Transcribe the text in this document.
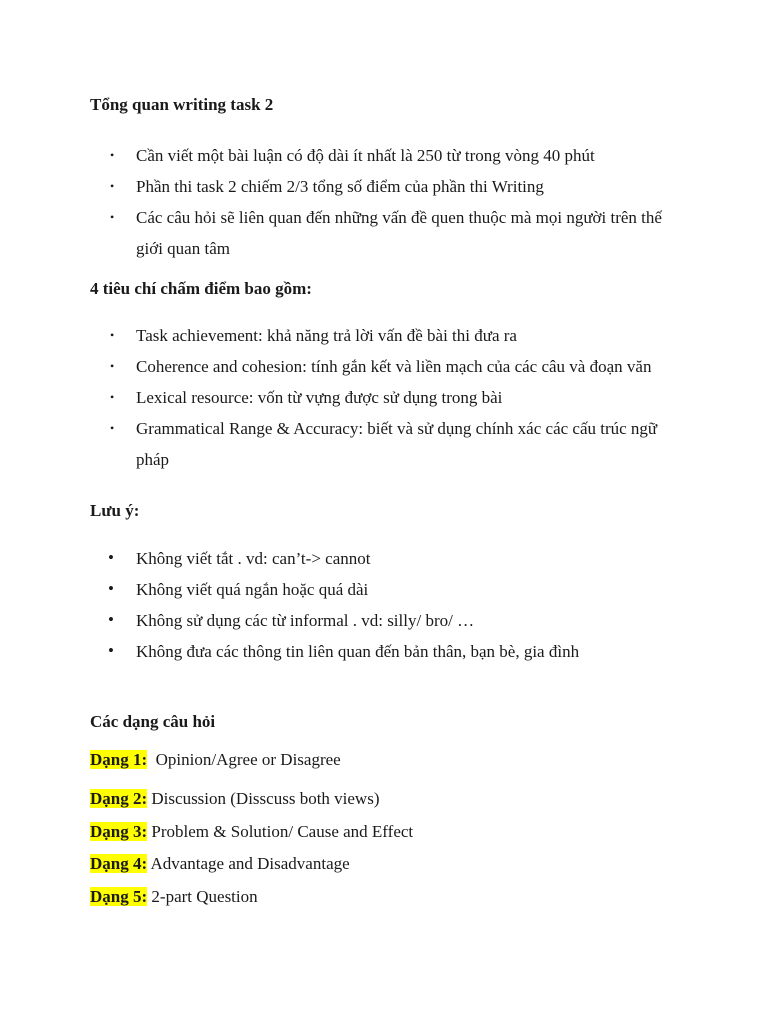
Tổng quan writing task 2
• Cần viết một bài luận có độ dài ít nhất là 250 từ trong vòng 40 phút
• Phần thi task 2 chiếm 2/3 tổng số điểm của phần thi Writing
• Các câu hỏi sẽ liên quan đến những vấn đề quen thuộc mà mọi người trên thế giới quan tâm
4 tiêu chí chấm điểm bao gồm:
• Task achievement: khả năng trả lời vấn đề bài thi đưa ra
• Coherence and cohesion: tính gắn kết và liền mạch của các câu và đoạn văn
• Lexical resource: vốn từ vựng được sử dụng trong bài
• Grammatical Range & Accuracy: biết và sử dụng chính xác các cấu trúc ngữ pháp
Lưu ý:
• Không viết tắt . vd: can’t-> cannot
• Không viết quá ngắn hoặc quá dài
• Không sử dụng các từ informal . vd: silly/ bro/ …
• Không đưa các thông tin liên quan đến bản thân, bạn bè, gia đình
Các dạng câu hỏi

Dạng 1:  Opinion/Agree or Disagree

Dạng 2: Discussion (Disscuss both views)

Dạng 3: Problem & Solution/ Cause and Effect

Dạng 4: Advantage and Disadvantage

Dạng 5: 2-part Question
